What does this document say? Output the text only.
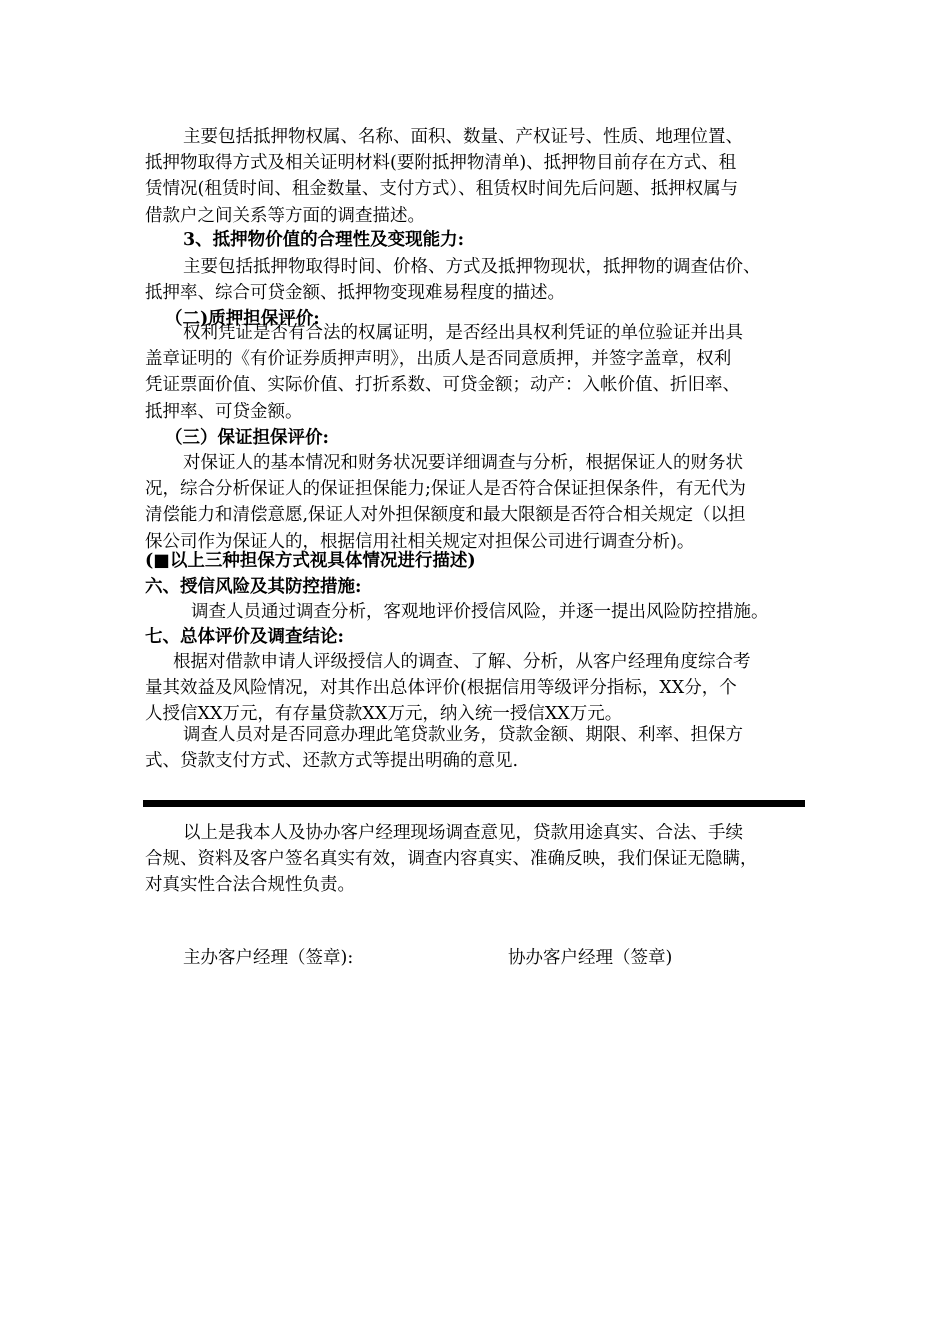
主要包括抵押物权属、名称、面积、数量、产权证号、性质、地理位置、
抵押物取得方式及相关证明材料(要附抵押物清单)、抵押物目前存在方式、租
赁情况(租赁时间、租金数量、支付方式）、租赁权时间先后问题、抵押权属与
借款户之间关系等方面的调查描述。
3、抵押物价值的合理性及变现能力:
主要包括抵押物取得时间、价格、方式及抵押物现状，抵押物的调查估价、
抵押率、综合可贷金额、抵押物变现难易程度的描述。
（二)质押担保评价:
权利凭证是否有合法的权属证明，是否经出具权利凭证的单位验证并出具
盖章证明的《有价证券质押声明》，出质人是否同意质押，并签字盖章，权利
凭证票面价值、实际价值、打折系数、可贷金额；动产：入帐价值、折旧率、
抵押率、可贷金额。
（三）保证担保评价:
对保证人的基本情况和财务状况要详细调查与分析，根据保证人的财务状
况，综合分析保证人的保证担保能力;保证人是否符合保证担保条件，有无代为
清偿能力和清偿意愿,保证人对外担保额度和最大限额是否符合相关规定（以担
保公司作为保证人的，根据信用社相关规定对担保公司进行调查分析)。
(■以上三种担保方式视具体情况进行描述)
六、授信风险及其防控措施:
调查人员通过调查分析，客观地评价授信风险，并逐一提出风险防控措施。
七、总体评价及调查结论:
根据对借款申请人评级授信人的调查、了解、分析，从客户经理角度综合考
量其效益及风险情况，对其作出总体评价(根据信用等级评分指标，XX分，个
人授信XX万元，有存量贷款XX万元，纳入统一授信XX万元。
调查人员对是否同意办理此笔贷款业务，贷款金额、期限、利率、担保方
式、贷款支付方式、还款方式等提出明确的意见.
以上是我本人及协办客户经理现场调查意见，贷款用途真实、合法、手续
合规、资料及客户签名真实有效，调查内容真实、准确反映，我们保证无隐瞒，
对真实性合法合规性负责。
主办客户经理（签章):	协办客户经理（签章)
